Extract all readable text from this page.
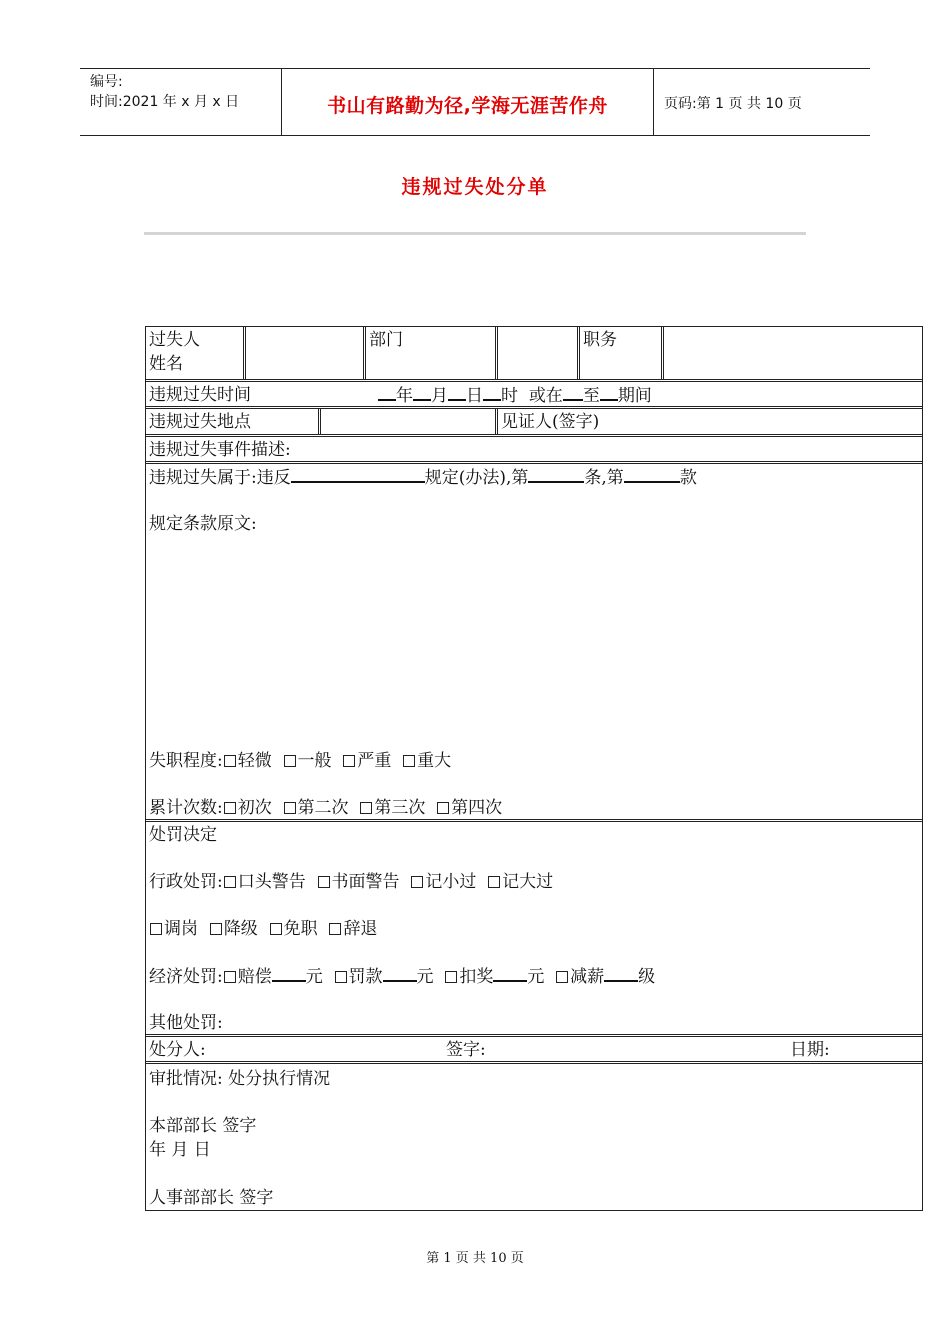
编号:
时间:2021 年 x 月 x 日	书山有路勤为径,学海无涯苦作舟	页码:第 1 页 共 10 页
违规过失处分单
过失人
姓名
部门	职务
违规过失时间	年 月 日 时 或在 至 期间
违规过失地点	见证人(签字)
违规过失事件描述:
违规过失属于:违反	规定(办法),第	条,第	款
规定条款原文:
失职程度: 轻微 一般 严重 重大
累计次数: 初次 第二次 第三次 第四次
处罚决定
行政处罚: 口头警告 书面警告 记小过 记大过
调岗 降级 免职 辞退
经济处罚: 赔偿 元 罚款 元 扣奖 元 减薪 级
其他处罚:
处分人:	签字:	日期:
审批情况: 处分执行情况
本部部长 签字
年 月 日
人事部部长 签字
第 1 页 共 10 页
